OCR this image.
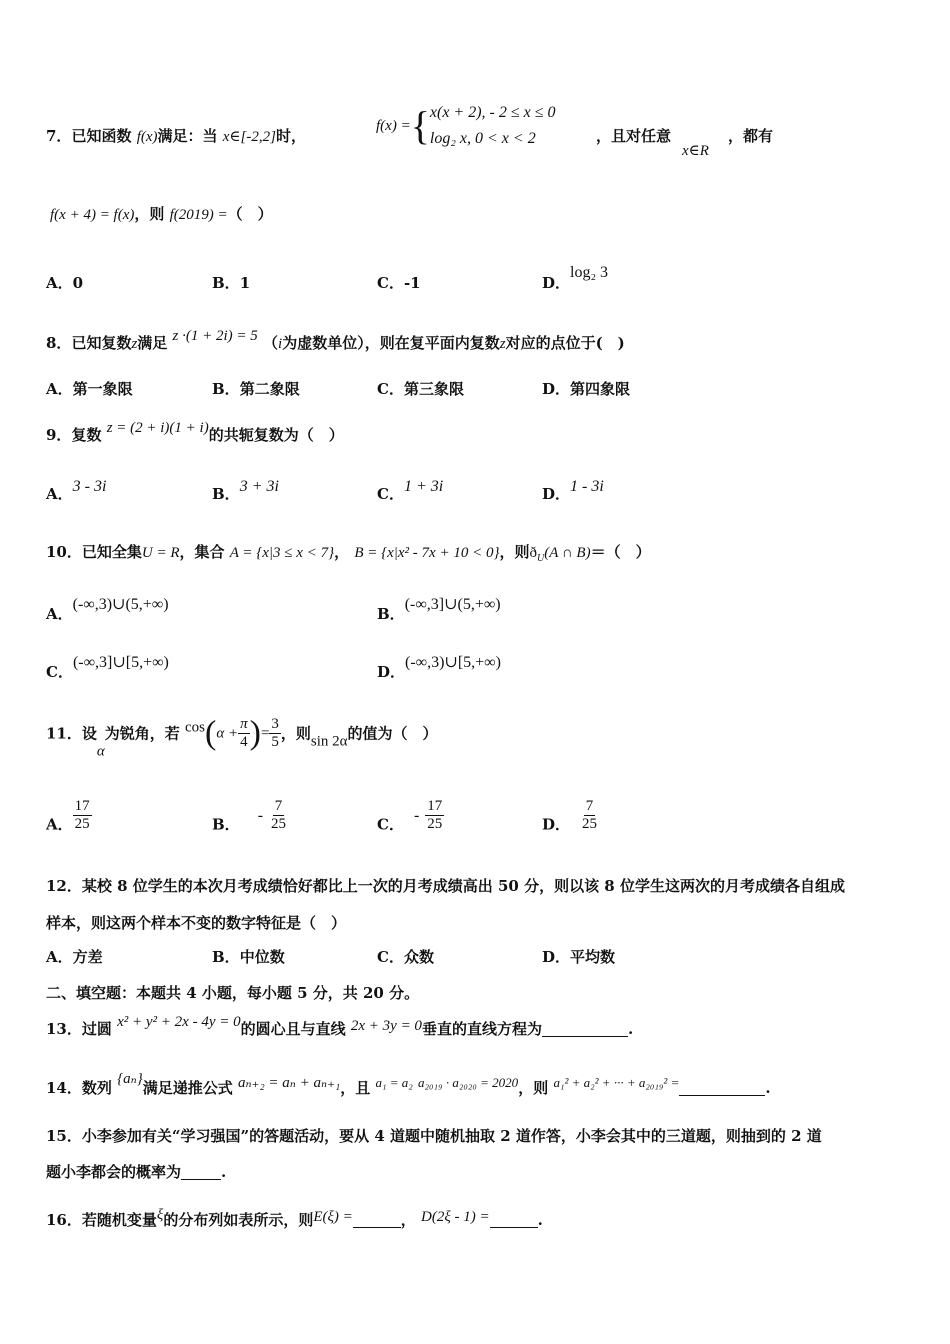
7．已知函数 f(x)满足：当 x∈[-2,2]时，
f(x) ={ x(x + 2), - 2 ≤ x ≤ 0
log₂ x, 0 < x < 2	，且对任意
x∈R
，都有
f(x + 4) = f(x)，则 f(2019) =（　）
A．0	B．1	C．-1	D．log₂ 3
8．已知复数z满足 z ·(1 + 2i) = 5 （i为虚数单位），则在复平面内复数z对应的点位于(　)
A．第一象限	B．第二象限	C．第三象限	D．第四象限
9．复数 z = (2 + i)(1 + i)的共轭复数为（　）
A．3 - 3i	B．3 + 3i	C．1 + 3i	D．1 - 3i
10．已知全集U = R，集合 A = {x|3 ≤ x < 7}， B = {x|x² - 7x + 10 < 0}，则$ð_U(A$ ∩ B)＝（　）
A．(-∞,3)∪(5,+∞)
B．(-∞,3]∪(5,+∞)
C．(-∞,3]∪[5,+∞)
D．(-∞,3)∪[5,+∞)
11．设α为锐角，若 $\cos(\alpha + \frac{\pi}{4}$ )= $\frac{3}{5}$ ，则sin 2α的值为（　）
A． $\frac{17}{25}$	B．- $\frac{7}{25}$	C．- $\frac{17}{25}$	D． $\frac{7}{25}$
12．某校 8 位学生的本次月考成绩恰好都比上一次的月考成绩高出 50 分，则以该 8 位学生这两次的月考成绩各自组成
样本，则这两个样本不变的数字特征是（　）
A．方差	B．中位数	C．众数	D．平均数
二、填空题：本题共 4 小题，每小题 5 分，共 20 分。
13．过圆 x² + y² + 2x - 4y = 0的圆心且与直线 2x + 3y = 0垂直的直线方程为	.
14．数列 {aₙ}满足递推公式 aₙ₊₂ = aₙ + aₙ₊₁，且 a₁ = a₂ a₂₀₁₉ · a₂₀₂₀ = 2020，则 a₁² + a₂² + ··· + a₂₀₁₉² =	.
15．小李参加有关“学习强国”的答题活动，要从 4 道题中随机抽取 2 道作答，小李会其中的三道题，则抽到的 2 道
题小李都会的概率为	.
16．若随机变量ξ的分布列如表所示，则E(ξ) =	， D(2ξ - 1) =	.
